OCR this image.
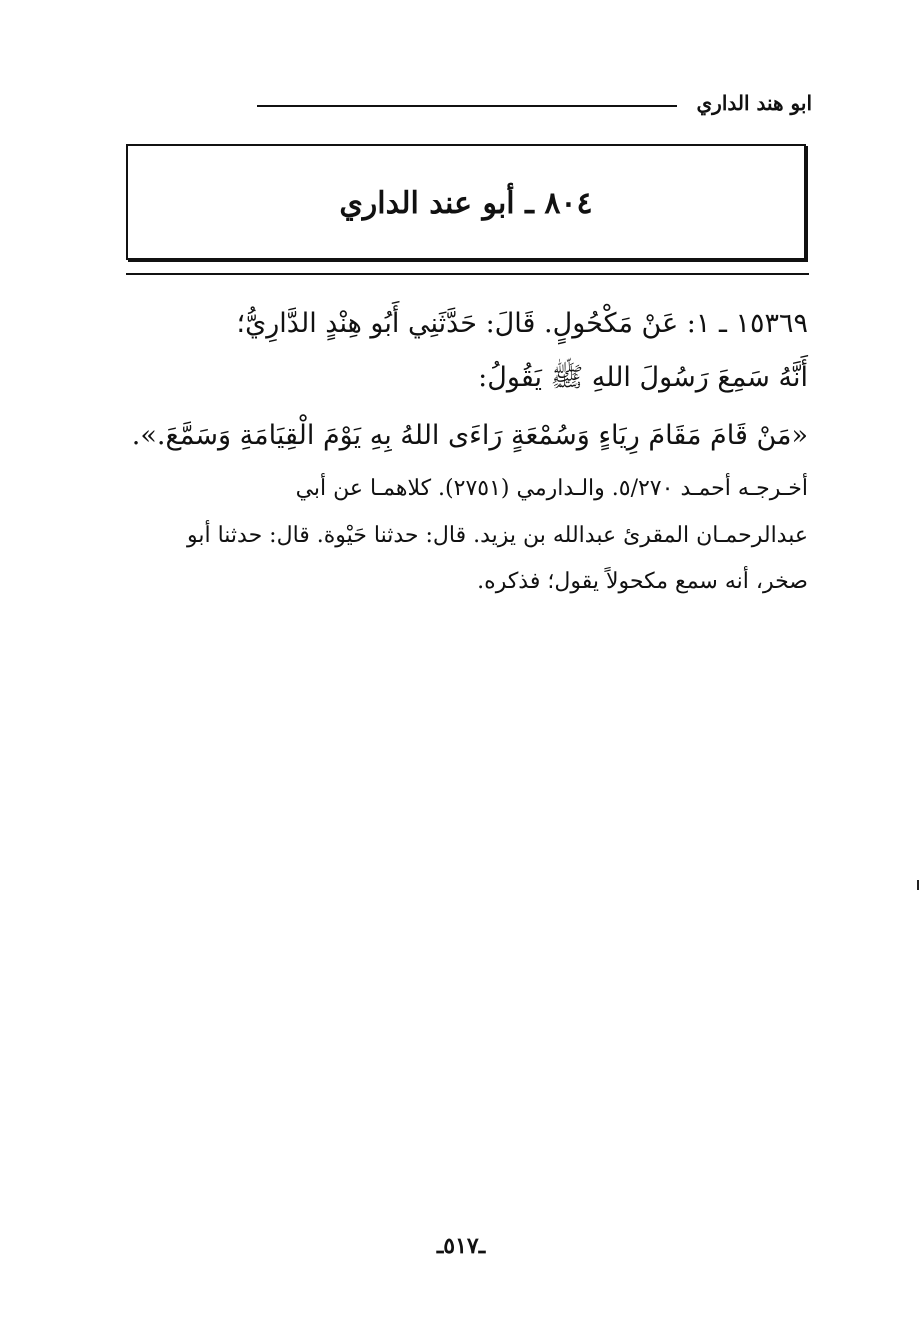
ابو هند الداري
٨٠٤ ـ أبو عند الداري
١٥٣٦٩ ـ ١: عَنْ مَكْحُولٍ. قَالَ: حَدَّثَنِي أَبُو هِنْدٍ الدَّارِيُّ؛
أَنَّهُ سَمِعَ رَسُولَ اللهِ ﷺ يَقُولُ:
«مَنْ قَامَ مَقَامَ رِيَاءٍ وَسُمْعَةٍ رَاءَى اللهُ بِهِ يَوْمَ الْقِيَامَةِ وَسَمَّعَ.».
أخـرجـه أحمـد ٥/٢٧٠. والـدارمي (٢٧٥١). كلاهمـا عن أبي
عبدالرحمـان المقرئ عبدالله بن يزيد. قال: حدثنا حَيْوة. قال: حدثنا أبو
صخر، أنه سمع مكحولاً يقول؛ فذكره.
ـ٥١٧ـ
